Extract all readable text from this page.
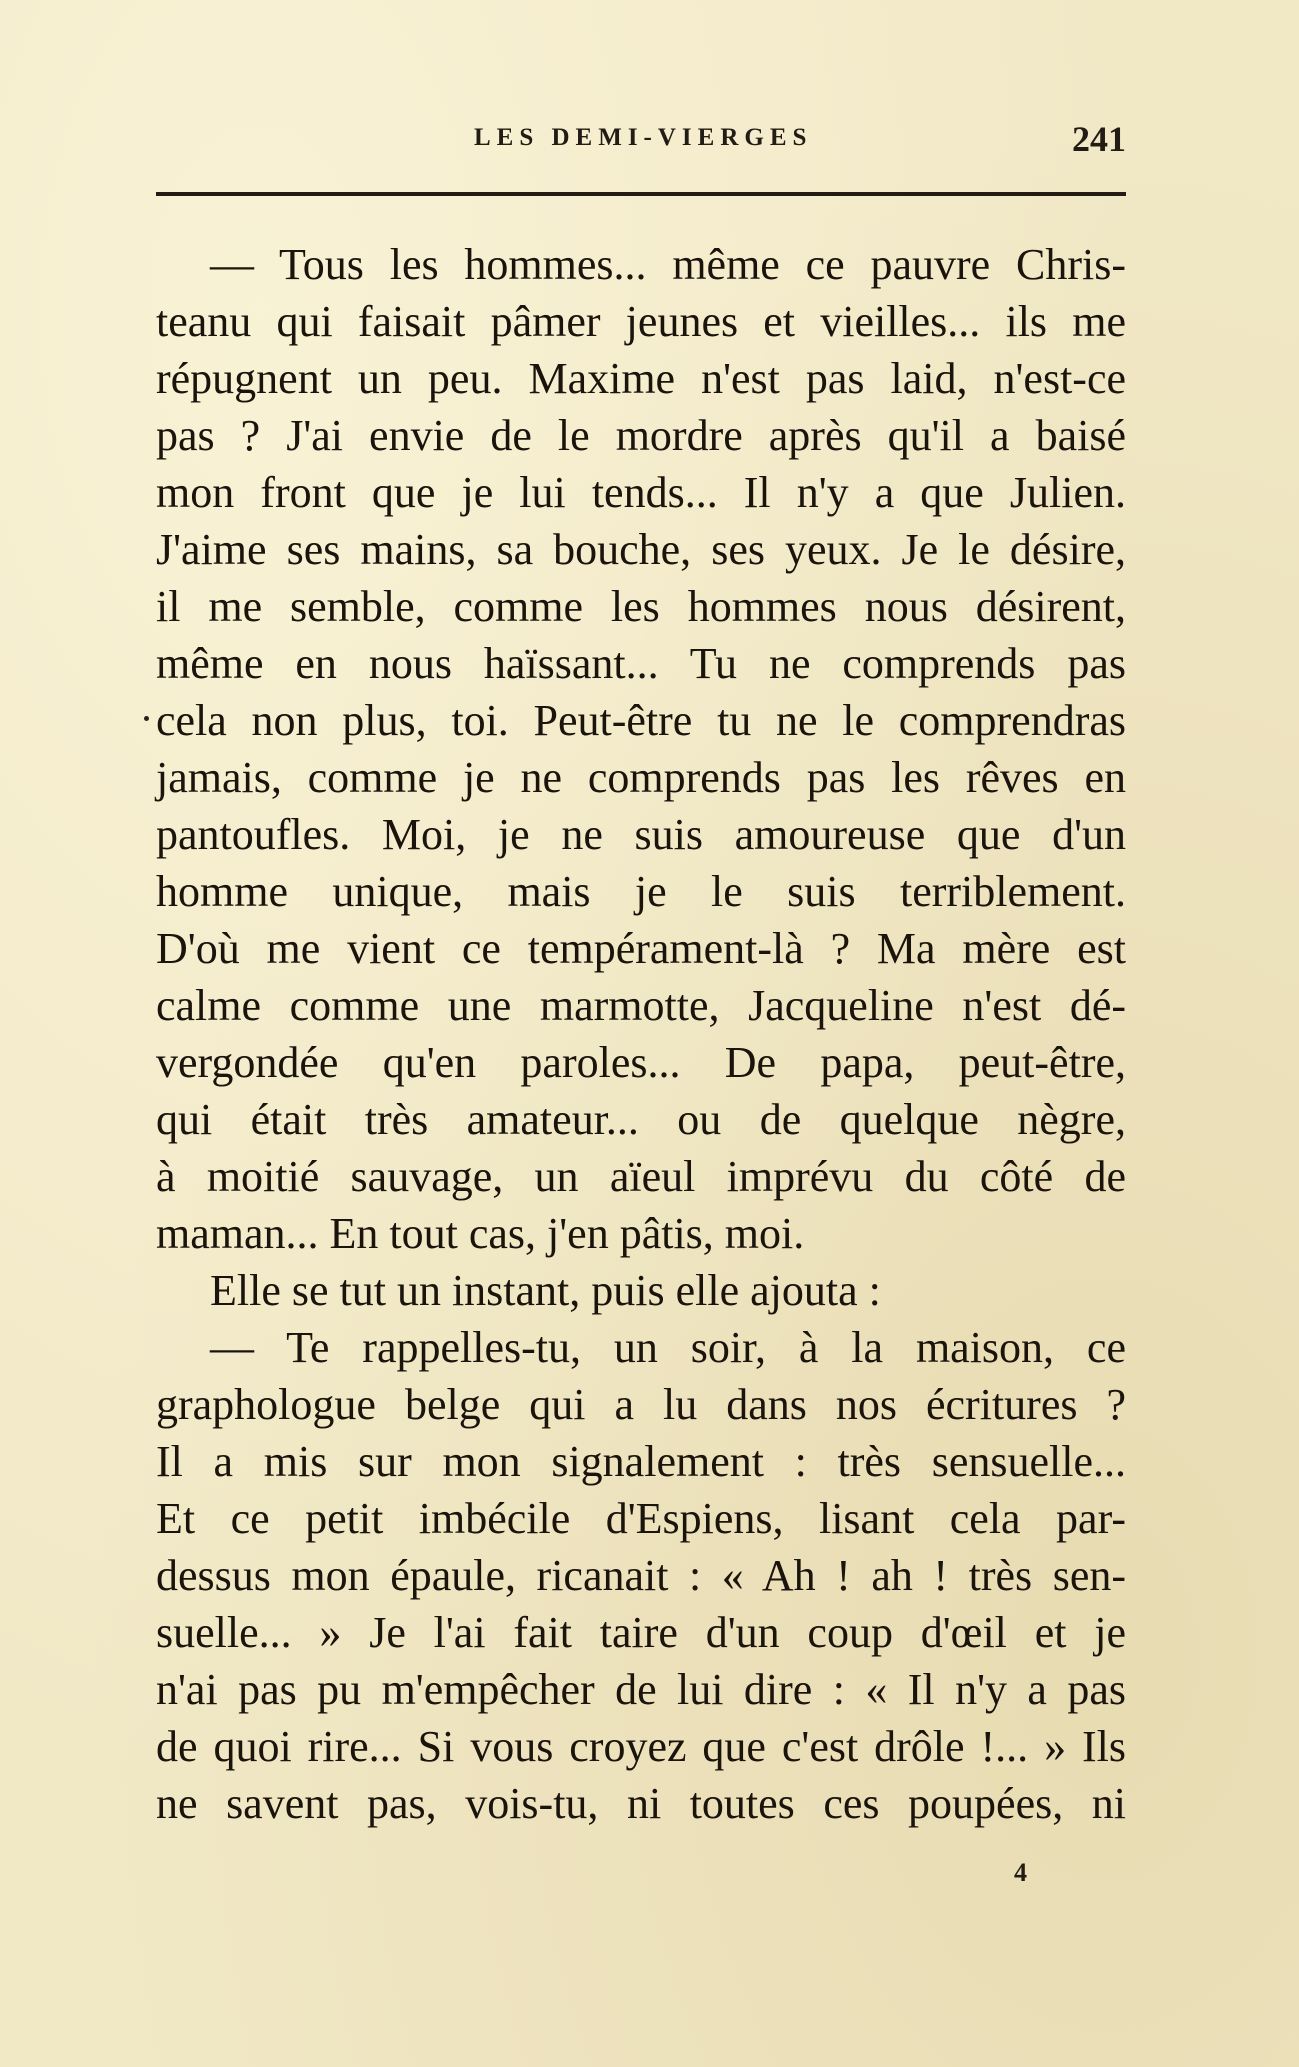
LES DEMI-VIERGES	241
— Tous les hommes... même ce pauvre Chris-
teanu qui faisait pâmer jeunes et vieilles... ils me
répugnent un peu. Maxime n'est pas laid, n'est-ce
pas ? J'ai envie de le mordre après qu'il a baisé
mon front que je lui tends... Il n'y a que Julien.
J'aime ses mains, sa bouche, ses yeux. Je le désire,
il me semble, comme les hommes nous désirent,
même en nous haïssant... Tu ne comprends pas
cela non plus, toi. Peut-être tu ne le comprendras
jamais, comme je ne comprends pas les rêves en
pantoufles. Moi, je ne suis amoureuse que d'un
homme unique, mais je le suis terriblement.
D'où me vient ce tempérament-là ? Ma mère est
calme comme une marmotte, Jacqueline n'est dé-
vergondée qu'en paroles... De papa, peut-être,
qui était très amateur... ou de quelque nègre,
à moitié sauvage, un aïeul imprévu du côté de
maman... En tout cas, j'en pâtis, moi.
Elle se tut un instant, puis elle ajouta :
— Te rappelles-tu, un soir, à la maison, ce
graphologue belge qui a lu dans nos écritures ?
Il a mis sur mon signalement : très sensuelle...
Et ce petit imbécile d'Espiens, lisant cela par-
dessus mon épaule, ricanait : « Ah ! ah ! très sen-
suelle... » Je l'ai fait taire d'un coup d'œil et je
n'ai pas pu m'empêcher de lui dire : « Il n'y a pas
de quoi rire... Si vous croyez que c'est drôle !... » Ils
ne savent pas, vois-tu, ni toutes ces poupées, ni
4
